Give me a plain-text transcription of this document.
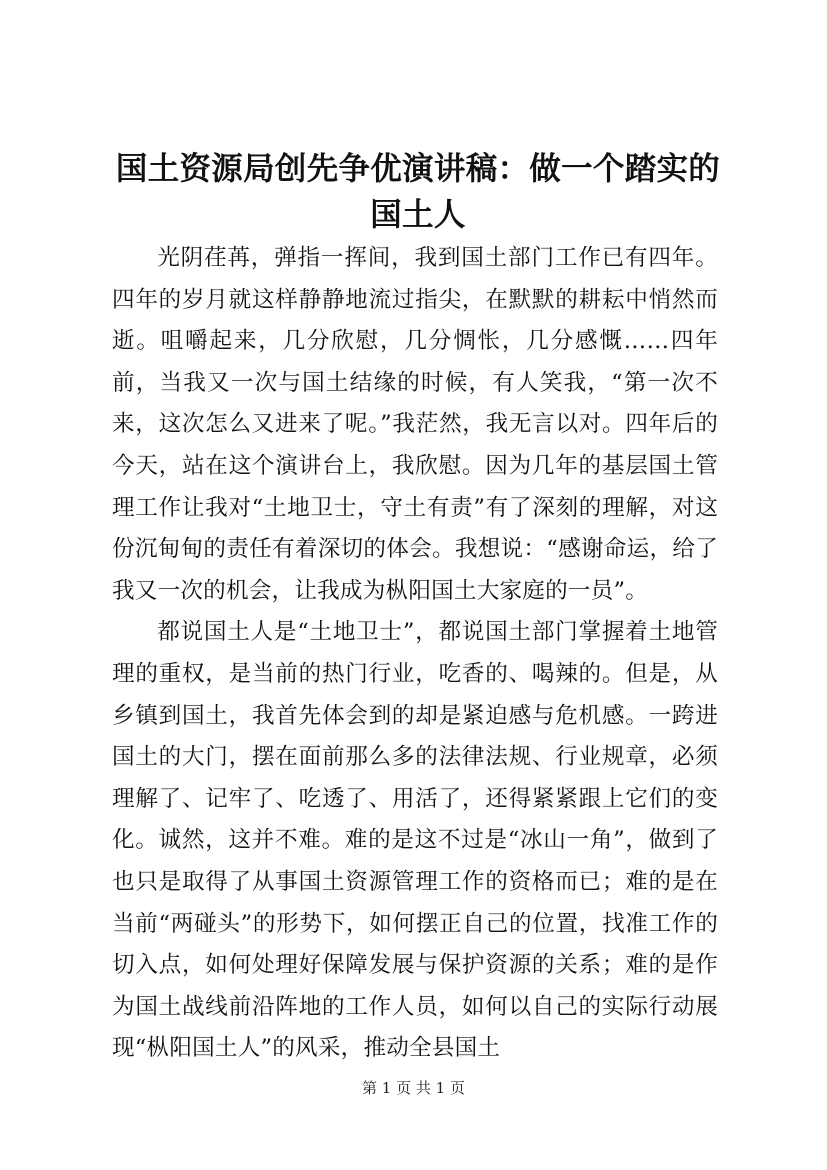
国土资源局创先争优演讲稿：做一个踏实的国土人

光阴荏苒，弹指一挥间，我到国土部门工作已有四年。四年的岁月就这样静静地流过指尖，在默默的耕耘中悄然而逝。咀嚼起来，几分欣慰，几分惆怅，几分感慨……四年前，当我又一次与国土结缘的时候，有人笑我，“第一次不来，这次怎么又进来了呢。”我茫然，我无言以对。四年后的今天，站在这个演讲台上，我欣慰。因为几年的基层国土管理工作让我对“土地卫士，守土有责”有了深刻的理解，对这份沉甸甸的责任有着深切的体会。我想说：“感谢命运，给了我又一次的机会，让我成为枞阳国土大家庭的一员”。

都说国土人是“土地卫士”，都说国土部门掌握着土地管理的重权，是当前的热门行业，吃香的、喝辣的。但是，从乡镇到国土，我首先体会到的却是紧迫感与危机感。一跨进国土的大门，摆在面前那么多的法律法规、行业规章，必须理解了、记牢了、吃透了、用活了，还得紧紧跟上它们的变化。诚然，这并不难。难的是这不过是“冰山一角”，做到了也只是取得了从事国土资源管理工作的资格而已；难的是在当前“两碰头”的形势下，如何摆正自己的位置，找准工作的切入点，如何处理好保障发展与保护资源的关系；难的是作为国土战线前沿阵地的工作人员，如何以自己的实际行动展现“枞阳国土人”的风采，推动全县国土

第 1 页 共 1 页
